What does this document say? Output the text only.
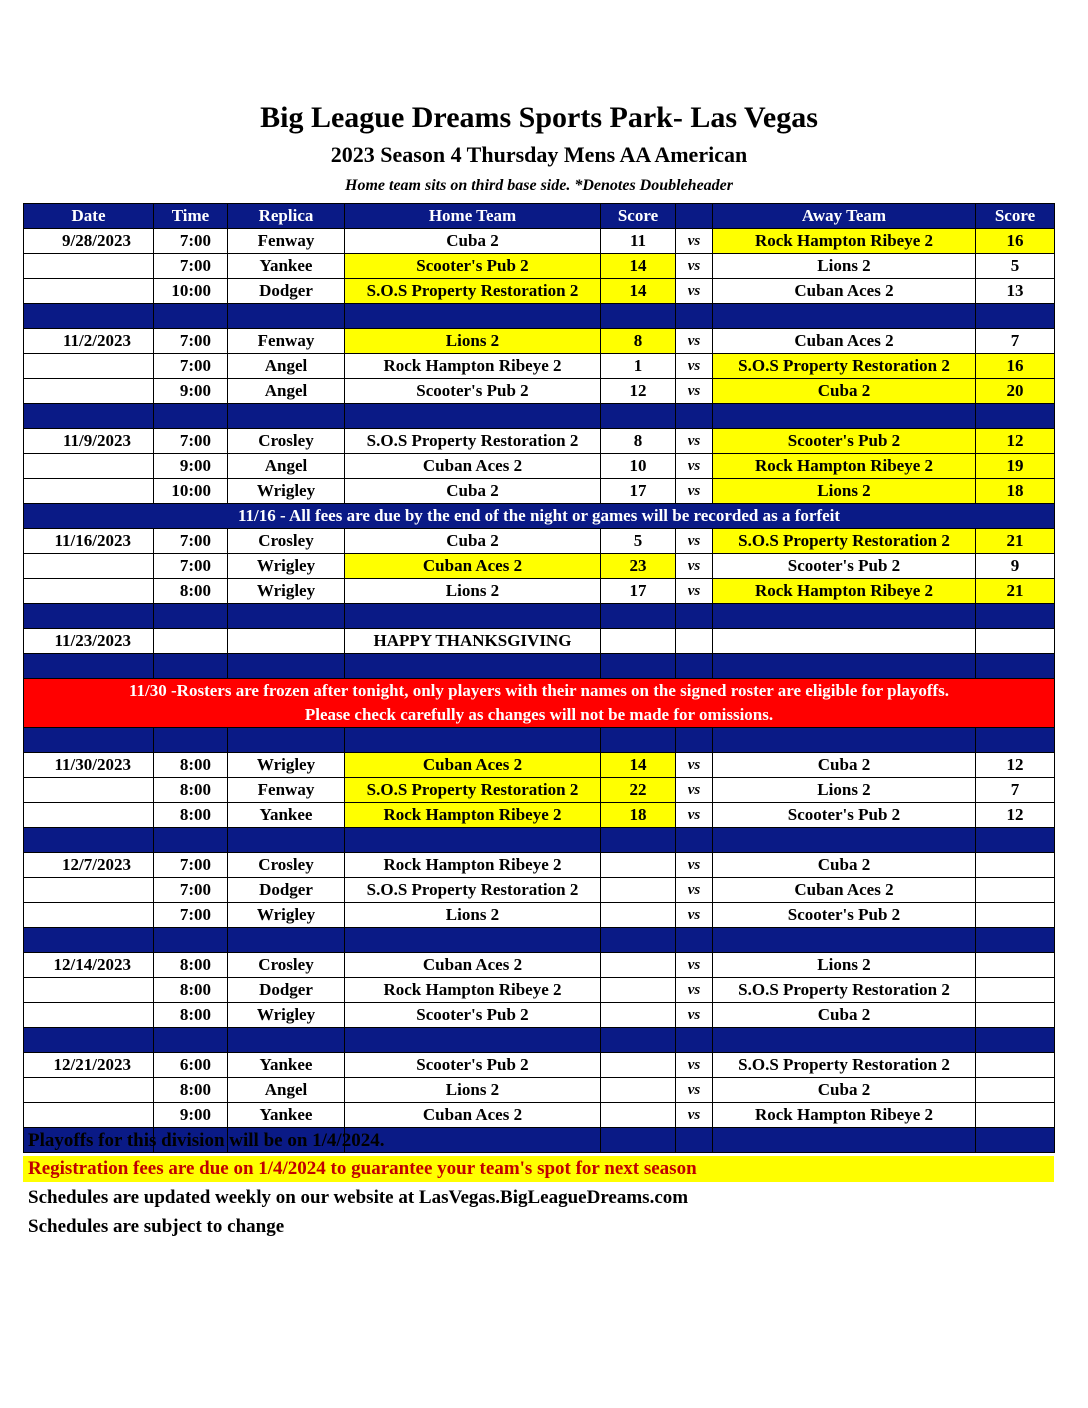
Big League Dreams Sports Park- Las Vegas
2023 Season 4 Thursday Mens AA American
Home team sits on third base side. *Denotes Doubleheader
Date	Time	Replica	Home Team	Score		Away Team	Score
9/28/2023	7:00	Fenway	Cuba 2	11	vs	Rock Hampton Ribeye 2	16
	7:00	Yankee	Scooter's Pub 2	14	vs	Lions 2	5
	10:00	Dodger	S.O.S Property Restoration 2	14	vs	Cuban Aces 2	13

11/2/2023	7:00	Fenway	Lions 2	8	vs	Cuban Aces 2	7
	7:00	Angel	Rock Hampton Ribeye 2	1	vs	S.O.S Property Restoration 2	16
	9:00	Angel	Scooter's Pub 2	12	vs	Cuba 2	20

11/9/2023	7:00	Crosley	S.O.S Property Restoration 2	8	vs	Scooter's Pub 2	12
	9:00	Angel	Cuban Aces 2	10	vs	Rock Hampton Ribeye 2	19
	10:00	Wrigley	Cuba 2	17	vs	Lions 2	18
11/16 - All fees are due by the end of the night or games will be recorded as a forfeit							
11/16/2023	7:00	Crosley	Cuba 2	5	vs	S.O.S Property Restoration 2	21
	7:00	Wrigley	Cuban Aces 2	23	vs	Scooter's Pub 2	9
	8:00	Wrigley	Lions 2	17	vs	Rock Hampton Ribeye 2	21

11/23/2023			HAPPY THANKSGIVING				

11/30 -Rosters are frozen after tonight, only players with their names on the signed roster are eligible for playoffs.
Please check carefully as changes will not be made for omissions.							

11/30/2023	8:00	Wrigley	Cuban Aces 2	14	vs	Cuba 2	12
	8:00	Fenway	S.O.S Property Restoration 2	22	vs	Lions 2	7
	8:00	Yankee	Rock Hampton Ribeye 2	18	vs	Scooter's Pub 2	12

12/7/2023	7:00	Crosley	Rock Hampton Ribeye 2		vs	Cuba 2	
	7:00	Dodger	S.O.S Property Restoration 2		vs	Cuban Aces 2	
	7:00	Wrigley	Lions 2		vs	Scooter's Pub 2	

12/14/2023	8:00	Crosley	Cuban Aces 2		vs	Lions 2	
	8:00	Dodger	Rock Hampton Ribeye 2		vs	S.O.S Property Restoration 2	
	8:00	Wrigley	Scooter's Pub 2		vs	Cuba 2	

12/21/2023	6:00	Yankee	Scooter's Pub 2		vs	S.O.S Property Restoration 2	
	8:00	Angel	Lions 2		vs	Cuba 2	
	9:00	Yankee	Cuban Aces 2		vs	Rock Hampton Ribeye 2	

Playoffs for this division will be on 1/4/2024.
Registration fees are due on 1/4/2024 to guarantee your team's spot for next season
Schedules are updated weekly on our website at LasVegas.BigLeagueDreams.com
Schedules are subject to change
